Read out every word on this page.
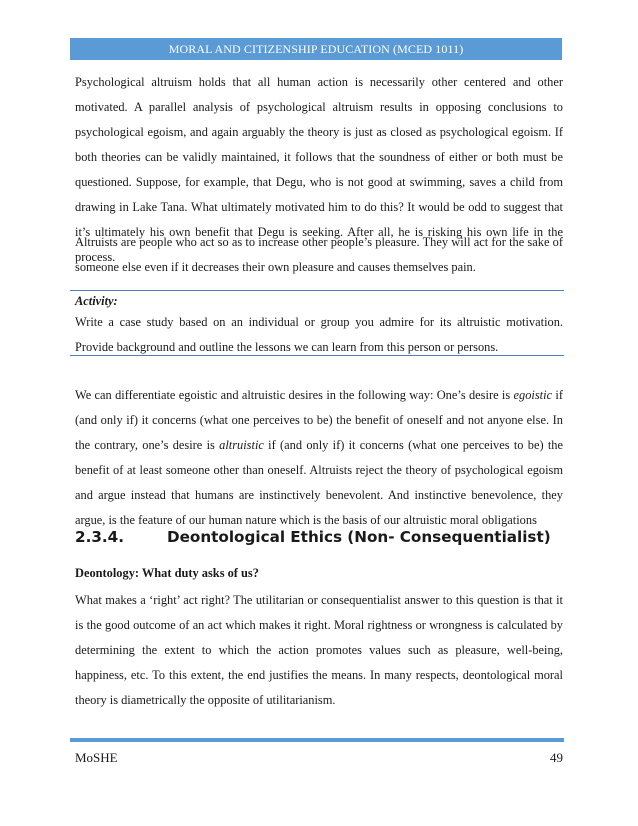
MORAL AND CITIZENSHIP EDUCATION (MCED 1011)

Psychological altruism holds that all human action is necessarily other centered and other motivated. A parallel analysis of psychological altruism results in opposing conclusions to psychological egoism, and again arguably the theory is just as closed as psychological egoism. If both theories can be validly maintained, it follows that the soundness of either or both must be questioned. Suppose, for example, that Degu, who is not good at swimming, saves a child from drawing in Lake Tana. What ultimately motivated him to do this? It would be odd to suggest that it’s ultimately his own benefit that Degu is seeking. After all, he is risking his own life in the process.

Altruists are people who act so as to increase other people’s pleasure. They will act for the sake of someone else even if it decreases their own pleasure and causes themselves pain.

Activity:

Write a case study based on an individual or group you admire for its altruistic motivation. Provide background and outline the lessons we can learn from this person or persons.

We can differentiate egoistic and altruistic desires in the following way: One’s desire is egoistic if (and only if) it concerns (what one perceives to be) the benefit of oneself and not anyone else. In the contrary, one’s desire is altruistic if (and only if) it concerns (what one perceives to be) the benefit of at least someone other than oneself. Altruists reject the theory of psychological egoism and argue instead that humans are instinctively benevolent. And instinctive benevolence, they argue, is the feature of our human nature which is the basis of our altruistic moral obligations

2.3.4.	Deontological Ethics (Non- Consequentialist)
Deontology: What duty asks of us?

What makes a ‘right’ act right? The utilitarian or consequentialist answer to this question is that it is the good outcome of an act which makes it right. Moral rightness or wrongness is calculated by determining the extent to which the action promotes values such as pleasure, well-being, happiness, etc. To this extent, the end justifies the means. In many respects, deontological moral theory is diametrically the opposite of utilitarianism.

MoSHE	49
